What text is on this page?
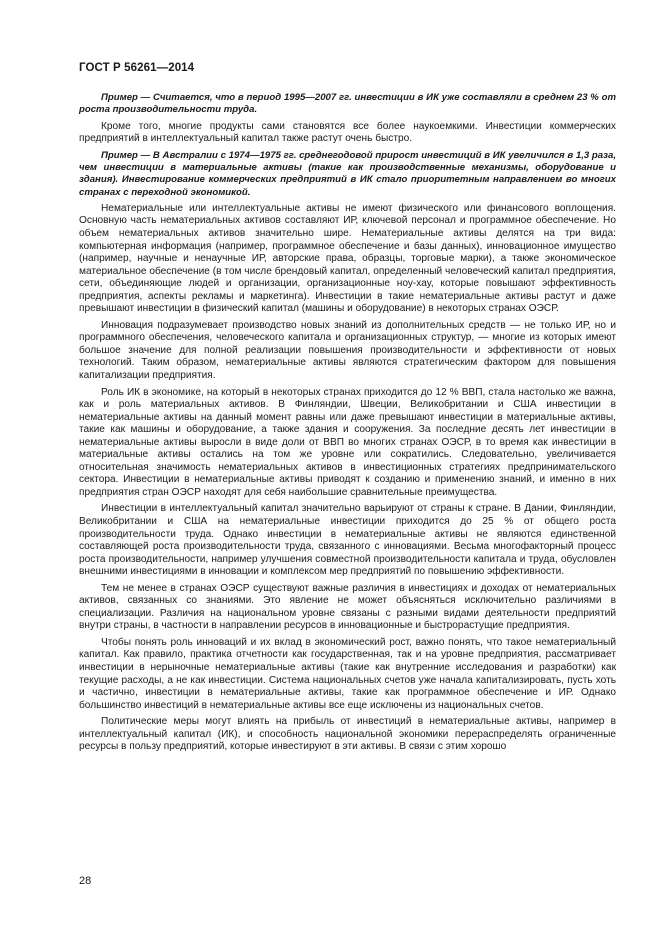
ГОСТ Р 56261—2014

Пример — Считается, что в период 1995—2007 гг. инвестиции в ИК уже составляли в среднем 23 % от роста производительности труда.

Кроме того, многие продукты сами становятся все более наукоемкими. Инвестиции коммерческих предприятий в интеллектуальный капитал также растут очень быстро.

Пример — В Австралии с 1974—1975 гг. среднегодовой прирост инвестиций в ИК увеличился в 1,3 раза, чем инвестиции в материальные активы (такие как производственные механизмы, оборудование и здания). Инвестирование коммерческих предприятий в ИК стало приоритетным направлением во многих странах с переходной экономикой.

Нематериальные или интеллектуальные активы не имеют физического или финансового воплощения. Основную часть нематериальных активов составляют ИР, ключевой персонал и программное обеспечение. Но объем нематериальных активов значительно шире. Нематериальные активы делятся на три вида: компьютерная информация (например, программное обеспечение и базы данных), инновационное имущество (например, научные и ненаучные ИР, авторские права, образцы, торговые марки), а также экономическое материальное обеспечение (в том числе брендовый капитал, определенный человеческий капитал предприятия, сети, объединяющие людей и организации, организационные ноу-хау, которые повышают эффективность предприятия, аспекты рекламы и маркетинга). Инвестиции в такие нематериальные активы растут и даже превышают инвестиции в физический капитал (машины и оборудование) в некоторых странах ОЭСР.

Инновация подразумевает производство новых знаний из дополнительных средств — не только ИР, но и программного обеспечения, человеческого капитала и организационных структур, — многие из которых имеют большое значение для полной реализации повышения производительности и эффективности от новых технологий. Таким образом, нематериальные активы являются стратегическим фактором для повышения капитализации предприятия.

Роль ИК в экономике, на который в некоторых странах приходится до 12 % ВВП, стала настолько же важна, как и роль материальных активов. В Финляндии, Швеции, Великобритании и США инвестиции в нематериальные активы на данный момент равны или даже превышают инвестиции в материальные активы, такие как машины и оборудование, а также здания и сооружения. За последние десять лет инвестиции в нематериальные активы выросли в виде доли от ВВП во многих странах ОЭСР, в то время как инвестиции в материальные активы остались на том же уровне или сократились. Следовательно, увеличивается относительная значимость нематериальных активов в инвестиционных стратегиях предпринимательского сектора. Инвестиции в нематериальные активы приводят к созданию и применению знаний, и именно в них предприятия стран ОЭСР находят для себя наибольшие сравнительные преимущества.

Инвестиции в интеллектуальный капитал значительно варьируют от страны к стране. В Дании, Финляндии, Великобритании и США на нематериальные инвестиции приходится до 25 % от общего роста производительности труда. Однако инвестиции в нематериальные активы не являются единственной составляющей роста производительности труда, связанного с инновациями. Весьма многофакторный процесс роста производительности, например улучшения совместной производительности капитала и труда, обусловлен внешними инвестициями в инновации и комплексом мер предприятий по повышению эффективности.

Тем не менее в странах ОЭСР существуют важные различия в инвестициях и доходах от нематериальных активов, связанных со знаниями. Это явление не может объясняться исключительно различиями в специализации. Различия на национальном уровне связаны с разными видами деятельности предприятий внутри страны, в частности в направлении ресурсов в инновационные и быстрорастущие предприятия.

Чтобы понять роль инноваций и их вклад в экономический рост, важно понять, что такое нематериальный капитал. Как правило, практика отчетности как государственная, так и на уровне предприятия, рассматривает инвестиции в нерыночные нематериальные активы (такие как внутренние исследования и разработки) как текущие расходы, а не как инвестиции. Система национальных счетов уже начала капитализировать, пусть хоть и частично, инвестиции в нематериальные активы, такие как программное обеспечение и ИР. Однако большинство инвестиций в нематериальные активы все еще исключены из национальных счетов.

Политические меры могут влиять на прибыль от инвестиций в нематериальные активы, например в интеллектуальный капитал (ИК), и способность национальной экономики перераспределять ограниченные ресурсы в пользу предприятий, которые инвестируют в эти активы. В связи с этим хорошо

28
